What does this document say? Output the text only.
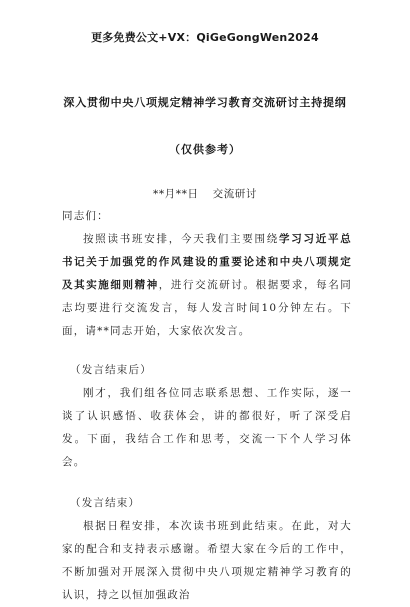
更多免费公文+VX：QiGeGongWen2024
深入贯彻中央八项规定精神学习教育交流研讨主持提纲
（仅供参考）
**月**日 交流研讨
同志们：
按照读书班安排，今天我们主要围绕学习习近平总书记关于加强党的作风建设的重要论述和中央八项规定及其实施细则精神，进行交流研讨。根据要求，每名同志均要进行交流发言，每人发言时间10分钟左右。下面，请**同志开始，大家依次发言。
（发言结束后）
刚才，我们组各位同志联系思想、工作实际，逐一谈了认识感悟、收获体会，讲的都很好，听了深受启发。下面，我结合工作和思考，交流一下个人学习体会。
（发言结束）
根据日程安排，本次读书班到此结束。在此，对大家的配合和支持表示感谢。希望大家在今后的工作中，不断加强对开展深入贯彻中央八项规定精神学习教育的认识，持之以恒加强政治
